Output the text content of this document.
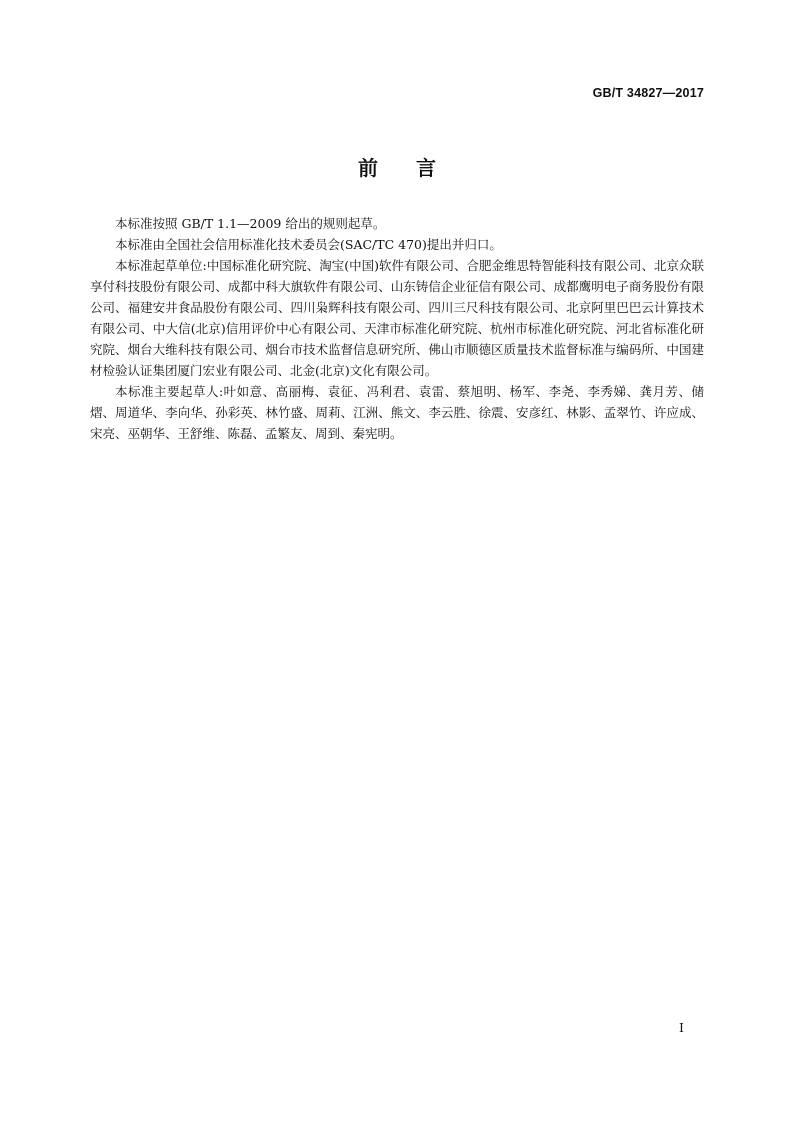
GB/T 34827—2017
前言

本标准按照 GB/T 1.1—2009 给出的规则起草。

本标准由全国社会信用标准化技术委员会(SAC/TC 470)提出并归口。

本标准起草单位:中国标准化研究院、淘宝(中国)软件有限公司、合肥金维思特智能科技有限公司、北京众联享付科技股份有限公司、成都中科大旗软件有限公司、山东铸信企业征信有限公司、成都鹰明电子商务股份有限公司、福建安井食品股份有限公司、四川枭辉科技有限公司、四川三尺科技有限公司、北京阿里巴巴云计算技术有限公司、中大信(北京)信用评价中心有限公司、天津市标准化研究院、杭州市标准化研究院、河北省标准化研究院、烟台大维科技有限公司、烟台市技术监督信息研究所、佛山市顺德区质量技术监督标准与编码所、中国建材检验认证集团厦门宏业有限公司、北金(北京)文化有限公司。

本标准主要起草人:叶如意、高丽梅、袁征、冯利君、袁雷、蔡旭明、杨军、李尧、李秀娣、龚月芳、储熠、周道华、李向华、孙彩英、林竹盛、周莉、江洲、熊文、李云胜、徐震、安彦红、林影、孟翠竹、许应成、宋亮、巫朝华、王舒维、陈磊、孟繁友、周到、秦宪明。

I
